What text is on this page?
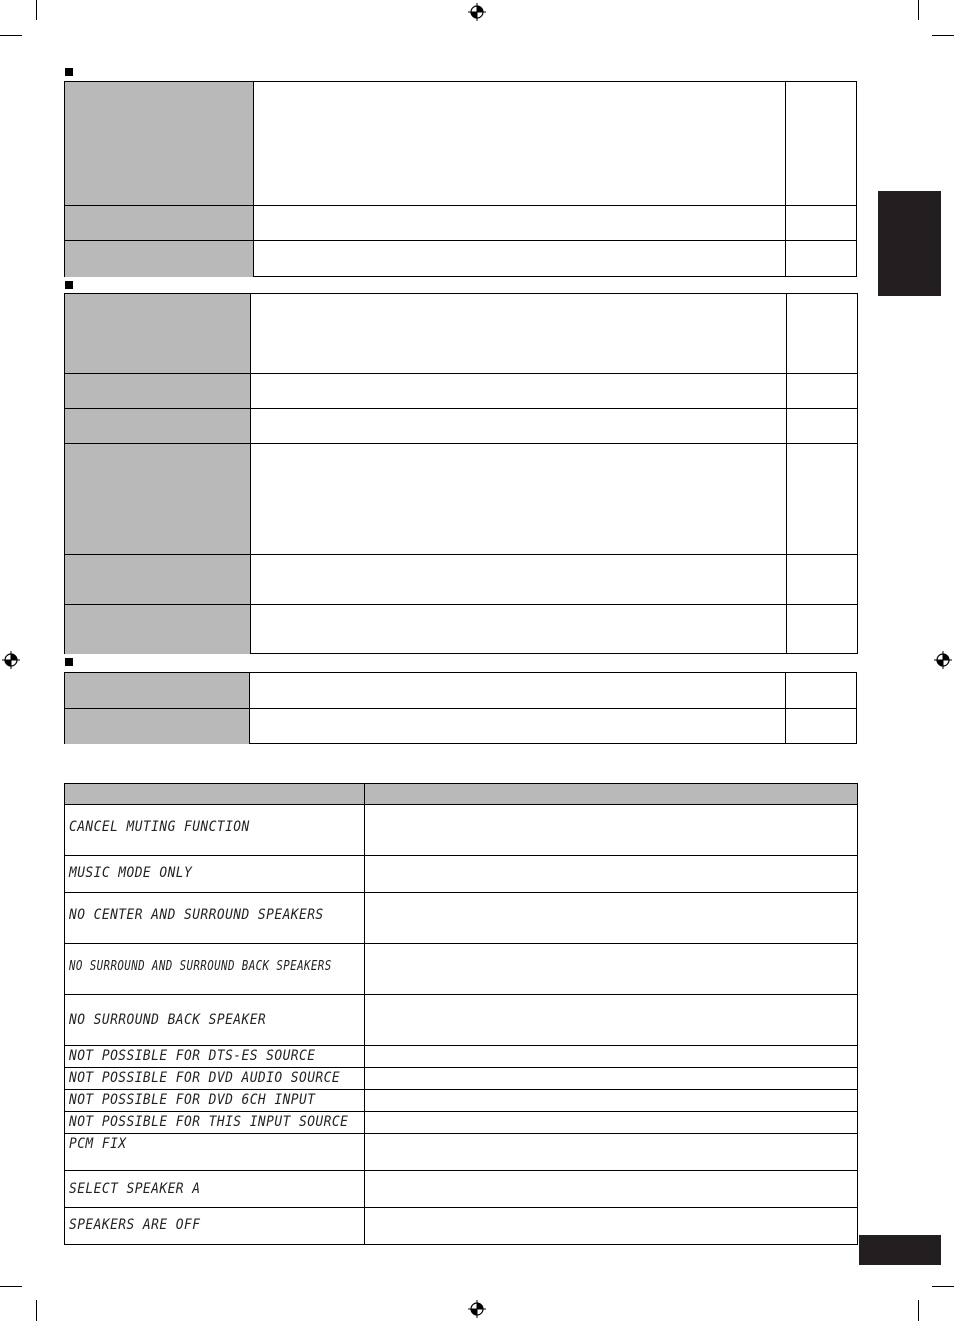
CANCEL MUTING FUNCTION
MUSIC MODE ONLY
NO CENTER AND SURROUND SPEAKERS
NO SURROUND AND SURROUND BACK SPEAKERS
NO SURROUND BACK SPEAKER
NOT POSSIBLE FOR DTS-ES SOURCE
NOT POSSIBLE FOR DVD AUDIO SOURCE
NOT POSSIBLE FOR DVD 6CH INPUT
NOT POSSIBLE FOR THIS INPUT SOURCE
PCM FIX
SELECT SPEAKER A
SPEAKERS ARE OFF
